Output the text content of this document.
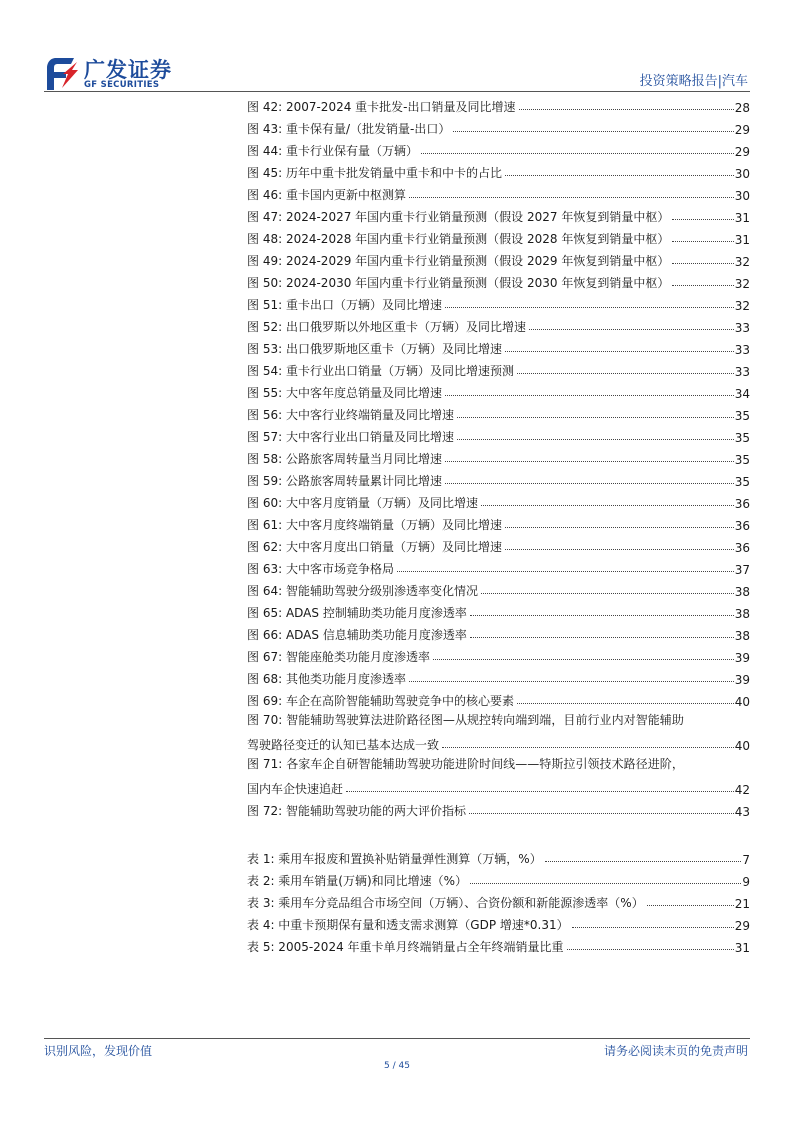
广发证券
GF SECURITIES	投资策略报告|汽车
图 42: 2007-2024 重卡批发-出口销量及同比增速	28
图 43: 重卡保有量/（批发销量-出口）	29
图 44: 重卡行业保有量（万辆）	29
图 45: 历年中重卡批发销量中重卡和中卡的占比	30
图 46: 重卡国内更新中枢测算	30
图 47: 2024-2027 年国内重卡行业销量预测（假设 2027 年恢复到销量中枢）	31
图 48: 2024-2028 年国内重卡行业销量预测（假设 2028 年恢复到销量中枢）	31
图 49: 2024-2029 年国内重卡行业销量预测（假设 2029 年恢复到销量中枢）	32
图 50: 2024-2030 年国内重卡行业销量预测（假设 2030 年恢复到销量中枢）	32
图 51: 重卡出口（万辆）及同比增速	32
图 52: 出口俄罗斯以外地区重卡（万辆）及同比增速	33
图 53: 出口俄罗斯地区重卡（万辆）及同比增速	33
图 54: 重卡行业出口销量（万辆）及同比增速预测	33
图 55: 大中客年度总销量及同比增速	34
图 56: 大中客行业终端销量及同比增速	35
图 57: 大中客行业出口销量及同比增速	35
图 58: 公路旅客周转量当月同比增速	35
图 59: 公路旅客周转量累计同比增速	35
图 60: 大中客月度销量（万辆）及同比增速	36
图 61: 大中客月度终端销量（万辆）及同比增速	36
图 62: 大中客月度出口销量（万辆）及同比增速	36
图 63: 大中客市场竞争格局	37
图 64: 智能辅助驾驶分级别渗透率变化情况	38
图 65: ADAS 控制辅助类功能月度渗透率	38
图 66: ADAS 信息辅助类功能月度渗透率	38
图 67: 智能座舱类功能月度渗透率	39
图 68: 其他类功能月度渗透率	39
图 69: 车企在高阶智能辅助驾驶竞争中的核心要素	40
图 70: 智能辅助驾驶算法进阶路径图—从规控转向端到端，目前行业内对智能辅助
驾驶路径变迁的认知已基本达成一致	40
图 71: 各家车企自研智能辅助驾驶功能进阶时间线——特斯拉引领技术路径进阶，
国内车企快速追赶	42
图 72: 智能辅助驾驶功能的两大评价指标	43
表 1: 乘用车报废和置换补贴销量弹性测算（万辆，%）	7
表 2: 乘用车销量(万辆)和同比增速（%）	9
表 3: 乘用车分竞品组合市场空间（万辆）、合资份额和新能源渗透率（%）	21
表 4: 中重卡预期保有量和透支需求测算（GDP 增速*0.31）	29
表 5: 2005-2024 年重卡单月终端销量占全年终端销量比重	31
识别风险，发现价值	请务必阅读末页的免责声明
5 / 45
